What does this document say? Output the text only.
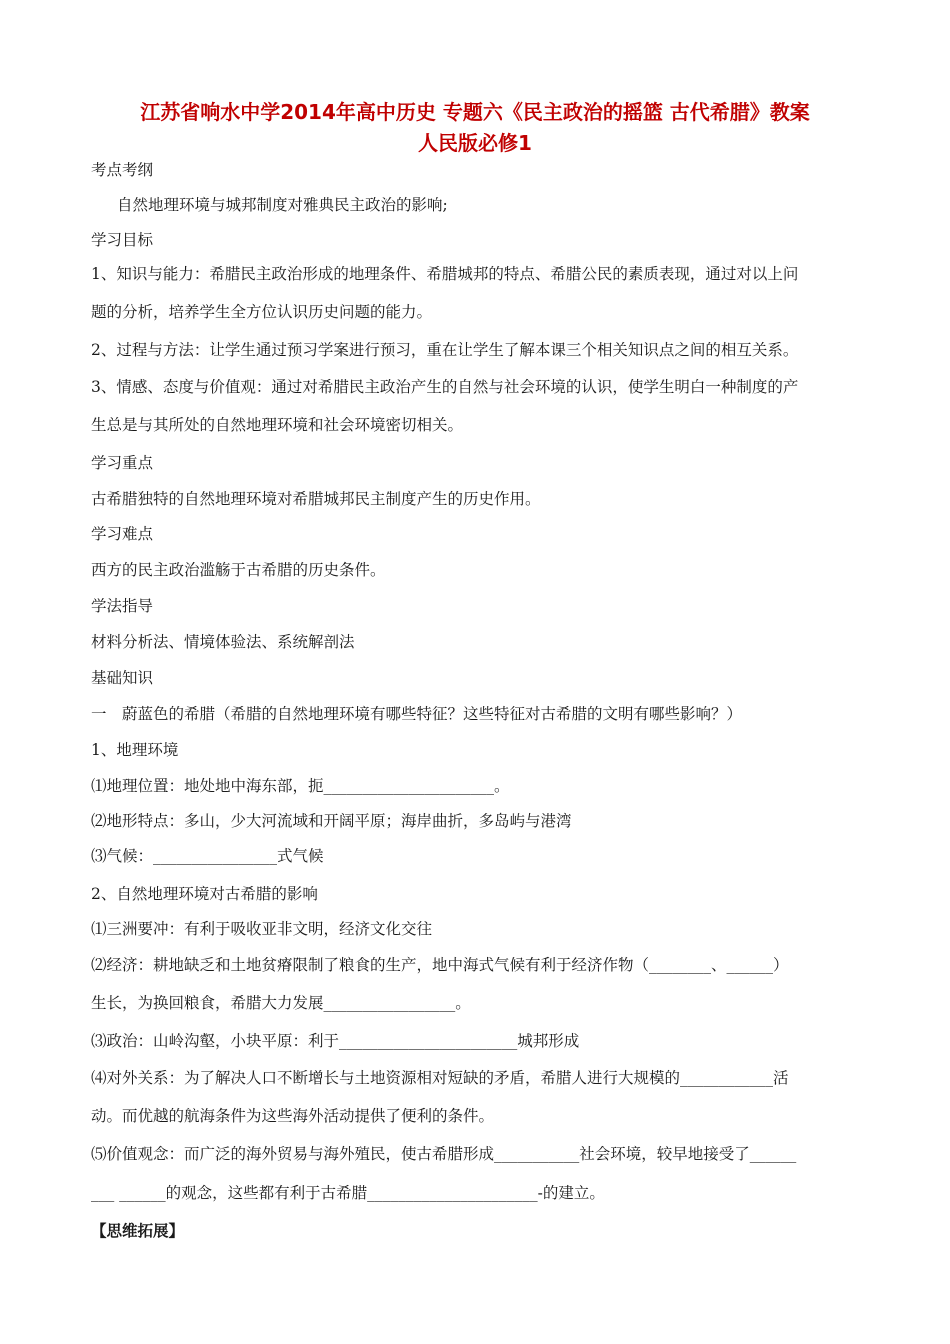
江苏省响水中学2014年高中历史 专题六《民主政治的摇篮 古代希腊》教案
人民版必修1
考点考纲
自然地理环境与城邦制度对雅典民主政治的影响;
学习目标
1、知识与能力：希腊民主政治形成的地理条件、希腊城邦的特点、希腊公民的素质表现，通过对以上问
题的分析，培养学生全方位认识历史问题的能力。
2、过程与方法：让学生通过预习学案进行预习，重在让学生了解本课三个相关知识点之间的相互关系。
3、情感、态度与价值观：通过对希腊民主政治产生的自然与社会环境的认识，使学生明白一种制度的产
生总是与其所处的自然地理环境和社会环境密切相关。
学习重点
古希腊独特的自然地理环境对希腊城邦民主制度产生的历史作用。
学习难点
西方的民主政治滥觞于古希腊的历史条件。
学法指导
材料分析法、情境体验法、系统解剖法
基础知识
一　蔚蓝色的希腊（希腊的自然地理环境有哪些特征？这些特征对古希腊的文明有哪些影响？）
1、地理环境
⑴地理位置：地处地中海东部，扼______________________。
⑵地形特点：多山，少大河流域和开阔平原；海岸曲折，多岛屿与港湾
⑶气候：________________式气候
2、自然地理环境对古希腊的影响
⑴三洲要冲：有利于吸收亚非文明，经济文化交往
⑵经济：耕地缺乏和土地贫瘠限制了粮食的生产，地中海式气候有利于经济作物（________、______）
生长，为换回粮食，希腊大力发展_________________。
⑶政治：山岭沟壑，小块平原：利于_______________________城邦形成
⑷对外关系：为了解决人口不断增长与土地资源相对短缺的矛盾，希腊人进行大规模的____________活
动。而优越的航海条件为这些海外活动提供了便利的条件。
⑸价值观念：而广泛的海外贸易与海外殖民，使古希腊形成___________社会环境，较早地接受了______
___ ______的观念，这些都有利于古希腊______________________-的建立。
【思维拓展】
